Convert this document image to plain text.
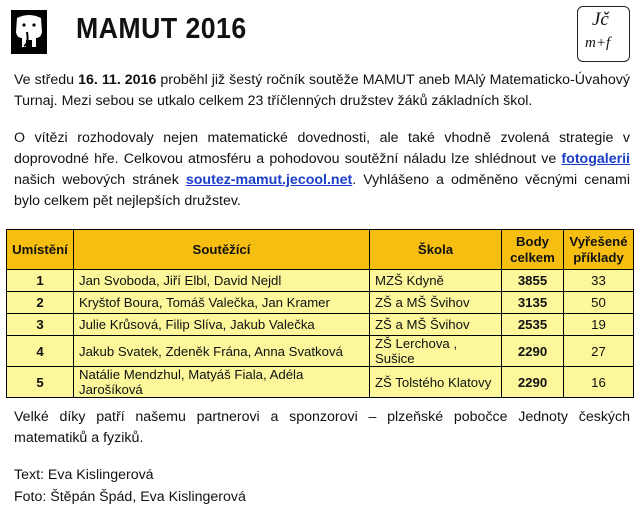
MAMUT 2016	Jč
m+f
Ve středu 16. 11. 2016 proběhl již šestý ročník soutěže MAMUT aneb MAlý Matematicko-Úvahový Turnaj. Mezi sebou se utkalo celkem 23 tříčlenných družstev žáků základních škol.
O vítězi rozhodovaly nejen matematické dovednosti, ale také vhodně zvolená strategie v doprovodné hře. Celkovou atmosféru a pohodovou soutěžní náladu lze shlédnout ve fotogalerii našich webových stránek soutez-mamut.jecool.net. Vyhlášeno a odměněno věcnými cenami bylo celkem pět nejlepších družstev.
Umístění	Soutěžící	Škola	Body celkem	Vyřešené příklady
1	Jan Svoboda, Jiří Elbl, David Nejdl	MZŠ Kdyně	3855	33
2	Kryštof Boura, Tomáš Valečka, Jan Kramer	ZŠ a MŠ Švihov	3135	50
3	Julie Krůsová, Filip Slíva, Jakub Valečka	ZŠ a MŠ Švihov	2535	19
4	Jakub Svatek, Zdeněk Frána, Anna Svatková	ZŠ Lerchova , Sušice	2290	27
5	Natálie Mendzhul, Matyáš Fiala, Adéla Jarošíková	ZŠ Tolstého Klatovy	2290	16
Velké díky patří našemu partnerovi a sponzorovi – plzeňské pobočce Jednoty českých matematiků a fyziků.
Text: Eva Kislingerová
Foto: Štěpán Špád, Eva Kislingerová
